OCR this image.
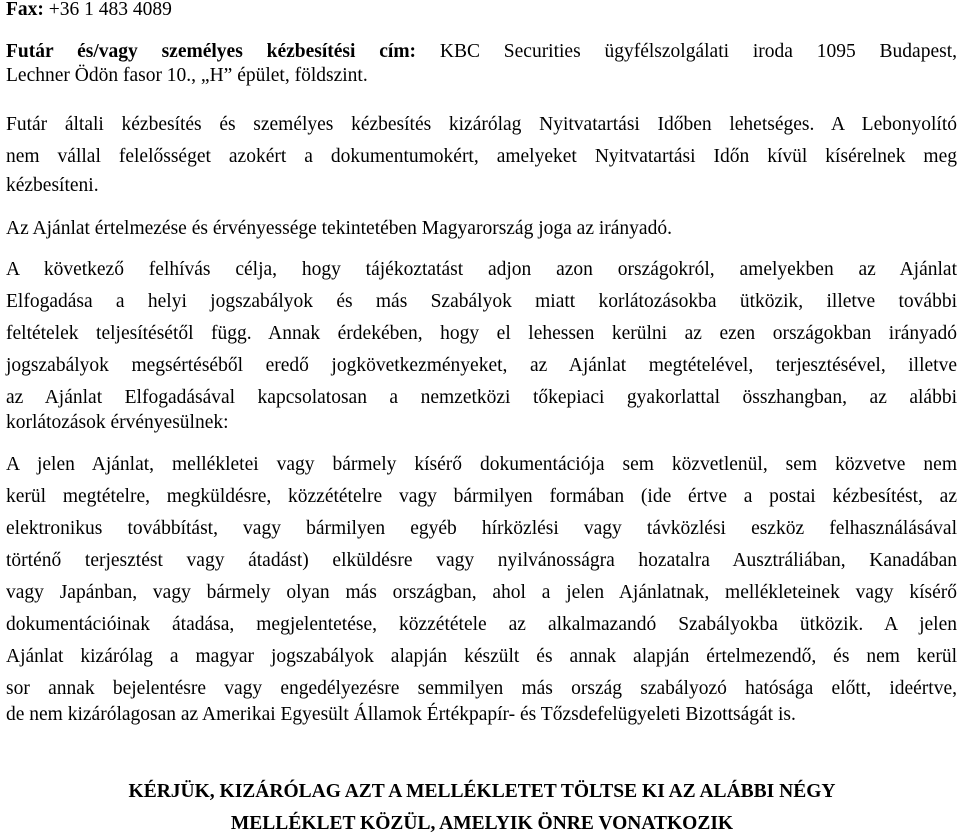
Fax: +36 1 483 4089
Futár és/vagy személyes kézbesítési cím: KBC Securities ügyfélszolgálati iroda 1095 Budapest,
Lechner Ödön fasor 10., „H” épület, földszint.
Futár általi kézbesítés és személyes kézbesítés kizárólag Nyitvatartási Időben lehetséges. A Lebonyolító
nem vállal felelősséget azokért a dokumentumokért, amelyeket Nyitvatartási Időn kívül kísérelnek meg
kézbesíteni.
Az Ajánlat értelmezése és érvényessége tekintetében Magyarország joga az irányadó.
A következő felhívás célja, hogy tájékoztatást adjon azon országokról, amelyekben az Ajánlat
Elfogadása a helyi jogszabályok és más Szabályok miatt korlátozásokba ütközik, illetve további
feltételek teljesítésétől függ. Annak érdekében, hogy el lehessen kerülni az ezen országokban irányadó
jogszabályok megsértéséből eredő jogkövetkezményeket, az Ajánlat megtételével, terjesztésével, illetve
az Ajánlat Elfogadásával kapcsolatosan a nemzetközi tőkepiaci gyakorlattal összhangban, az alábbi
korlátozások érvényesülnek:
A jelen Ajánlat, mellékletei vagy bármely kísérő dokumentációja sem közvetlenül, sem közvetve nem
kerül megtételre, megküldésre, közzétételre vagy bármilyen formában (ide értve a postai kézbesítést, az
elektronikus továbbítást, vagy bármilyen egyéb hírközlési vagy távközlési eszköz felhasználásával
történő terjesztést vagy átadást) elküldésre vagy nyilvánosságra hozatalra Ausztráliában, Kanadában
vagy Japánban, vagy bármely olyan más országban, ahol a jelen Ajánlatnak, mellékleteinek vagy kísérő
dokumentációinak átadása, megjelentetése, közzététele az alkalmazandó Szabályokba ütközik. A jelen
Ajánlat kizárólag a magyar jogszabályok alapján készült és annak alapján értelmezendő, és nem kerül
sor annak bejelentésre vagy engedélyezésre semmilyen más ország szabályozó hatósága előtt, ideértve,
de nem kizárólagosan az Amerikai Egyesült Államok Értékpapír- és Tőzsdefelügyeleti Bizottságát is.
KÉRJÜK, KIZÁRÓLAG AZT A MELLÉKLETET TÖLTSE KI AZ ALÁBBI NÉGY
MELLÉKLET KÖZÜL, AMELYIK ÖNRE VONATKOZIK
